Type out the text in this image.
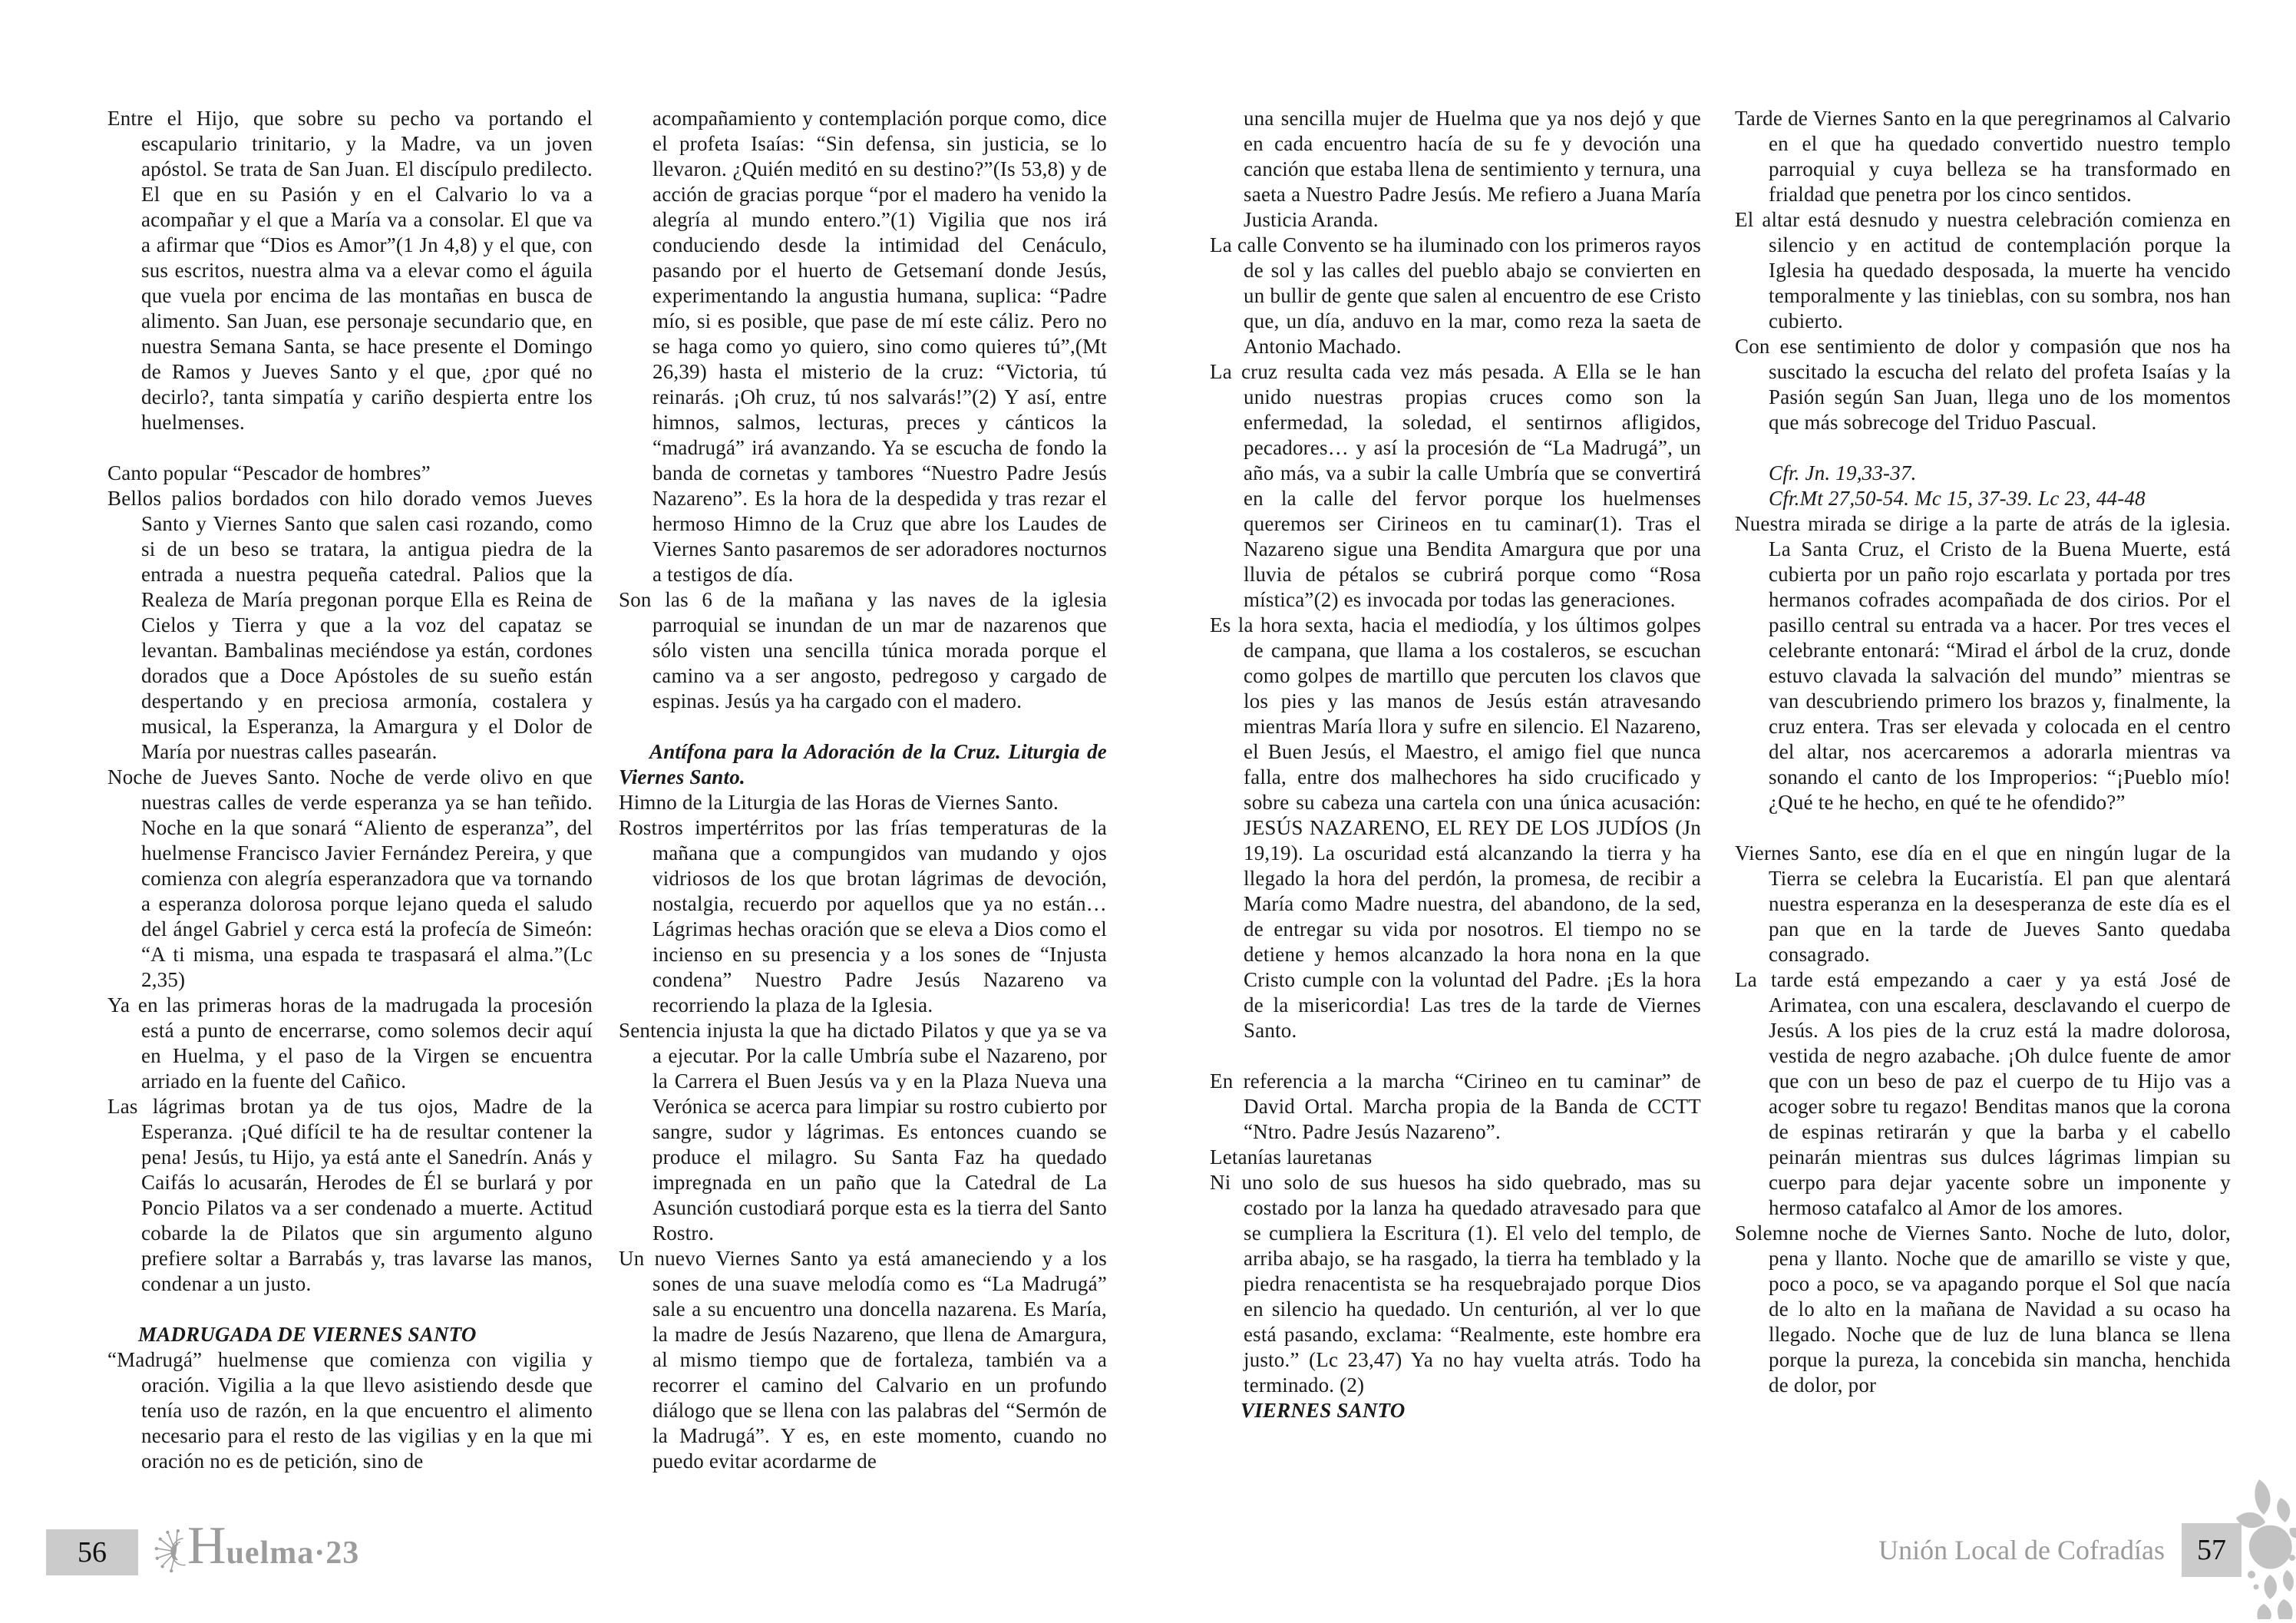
Entre el Hijo, que sobre su pecho va portando el escapulario trinitario, y la Madre, va un joven apóstol. Se trata de San Juan. El discípulo predilecto. El que en su Pasión y en el Calvario lo va a acompañar y el que a María va a consolar. El que va a afirmar que “Dios es Amor”(1 Jn 4,8) y el que, con sus escritos, nuestra alma va a elevar como el águila que vuela por encima de las montañas en busca de alimento. San Juan, ese personaje secundario que, en nuestra Semana Santa, se hace presente el Domingo de Ramos y Jueves Santo y el que, ¿por qué no decirlo?, tanta simpatía y cariño despierta entre los huelmenses.

Canto popular “Pescador de hombres”

Bellos palios bordados con hilo dorado vemos Jueves Santo y Viernes Santo que salen casi rozando, como si de un beso se tratara, la antigua piedra de la entrada a nuestra pequeña catedral. Palios que la Realeza de María pregonan porque Ella es Reina de Cielos y Tierra y que a la voz del capataz se levantan. Bambalinas meciéndose ya están, cordones dorados que a Doce Apóstoles de su sueño están despertando y en preciosa armonía, costalera y musical, la Esperanza, la Amargura y el Dolor de María por nuestras calles pasearán.

Noche de Jueves Santo. Noche de verde olivo en que nuestras calles de verde esperanza ya se han teñido. Noche en la que sonará “Aliento de esperanza”, del huelmense Francisco Javier Fernández Pereira, y que comienza con alegría esperanzadora que va tornando a esperanza dolorosa porque lejano queda el saludo del ángel Gabriel y cerca está la profecía de Simeón: “A ti misma, una espada te traspasará el alma.”(Lc 2,35)

Ya en las primeras horas de la madrugada la procesión está a punto de encerrarse, como solemos decir aquí en Huelma, y el paso de la Virgen se encuentra arriado en la fuente del Cañico.

Las lágrimas brotan ya de tus ojos, Madre de la Esperanza. ¡Qué difícil te ha de resultar contener la pena! Jesús, tu Hijo, ya está ante el Sanedrín. Anás y Caifás lo acusarán, Herodes de Él se burlará y por Poncio Pilatos va a ser condenado a muerte. Actitud cobarde la de Pilatos que sin argumento alguno prefiere soltar a Barrabás y, tras lavarse las manos, condenar a un justo.

MADRUGADA DE VIERNES SANTO

“Madrugá” huelmense que comienza con vigilia y oración. Vigilia a la que llevo asistiendo desde que tenía uso de razón, en la que encuentro el alimento necesario para el resto de las vigilias y en la que mi oración no es de petición, sino de

acompañamiento y contemplación porque como, dice el profeta Isaías: “Sin defensa, sin justicia, se lo llevaron. ¿Quién meditó en su destino?”(Is 53,8) y de acción de gracias porque “por el madero ha venido la alegría al mundo entero.”(1) Vigilia que nos irá conduciendo desde la intimidad del Cenáculo, pasando por el huerto de Getsemaní donde Jesús, experimentando la angustia humana, suplica: “Padre mío, si es posible, que pase de mí este cáliz. Pero no se haga como yo quiero, sino como quieres tú”,(Mt 26,39) hasta el misterio de la cruz: “Victoria, tú reinarás. ¡Oh cruz, tú nos salvarás!”(2) Y así, entre himnos, salmos, lecturas, preces y cánticos la “madrugá” irá avanzando. Ya se escucha de fondo la banda de cornetas y tambores “Nuestro Padre Jesús Nazareno”. Es la hora de la despedida y tras rezar el hermoso Himno de la Cruz que abre los Laudes de Viernes Santo pasaremos de ser adoradores nocturnos a testigos de día.

Son las 6 de la mañana y las naves de la iglesia parroquial se inundan de un mar de nazarenos que sólo visten una sencilla túnica morada porque el camino va a ser angosto, pedregoso y cargado de espinas. Jesús ya ha cargado con el madero.

Antífona para la Adoración de la Cruz. Liturgia de Viernes Santo.

Himno de la Liturgia de las Horas de Viernes Santo.

Rostros impertérritos por las frías temperaturas de la mañana que a compungidos van mudando y ojos vidriosos de los que brotan lágrimas de devoción, nostalgia, recuerdo por aquellos que ya no están… Lágrimas hechas oración que se eleva a Dios como el incienso en su presencia y a los sones de “Injusta condena” Nuestro Padre Jesús Nazareno va recorriendo la plaza de la Iglesia.

Sentencia injusta la que ha dictado Pilatos y que ya se va a ejecutar. Por la calle Umbría sube el Nazareno, por la Carrera el Buen Jesús va y en la Plaza Nueva una Verónica se acerca para limpiar su rostro cubierto por sangre, sudor y lágrimas. Es entonces cuando se produce el milagro. Su Santa Faz ha quedado impregnada en un paño que la Catedral de La Asunción custodiará porque esta es la tierra del Santo Rostro.

Un nuevo Viernes Santo ya está amaneciendo y a los sones de una suave melodía como es “La Madrugá” sale a su encuentro una doncella nazarena. Es María, la madre de Jesús Nazareno, que llena de Amargura, al mismo tiempo que de fortaleza, también va a recorrer el camino del Calvario en un profundo diálogo que se llena con las palabras del “Sermón de la Madrugá”. Y es, en este momento, cuando no puedo evitar acordarme de

56 H uelma·23

una sencilla mujer de Huelma que ya nos dejó y que en cada encuentro hacía de su fe y devoción una canción que estaba llena de sentimiento y ternura, una saeta a Nuestro Padre Jesús. Me refiero a Juana María Justicia Aranda.

La calle Convento se ha iluminado con los primeros rayos de sol y las calles del pueblo abajo se convierten en un bullir de gente que salen al encuentro de ese Cristo que, un día, anduvo en la mar, como reza la saeta de Antonio Machado.

La cruz resulta cada vez más pesada. A Ella se le han unido nuestras propias cruces como son la enfermedad, la soledad, el sentirnos afligidos, pecadores… y así la procesión de “La Madrugá”, un año más, va a subir la calle Umbría que se convertirá en la calle del fervor porque los huelmenses queremos ser Cirineos en tu caminar(1). Tras el Nazareno sigue una Bendita Amargura que por una lluvia de pétalos se cubrirá porque como “Rosa mística”(2) es invocada por todas las generaciones.

Es la hora sexta, hacia el mediodía, y los últimos golpes de campana, que llama a los costaleros, se escuchan como golpes de martillo que percuten los clavos que los pies y las manos de Jesús están atravesando mientras María llora y sufre en silencio. El Nazareno, el Buen Jesús, el Maestro, el amigo fiel que nunca falla, entre dos malhechores ha sido crucificado y sobre su cabeza una cartela con una única acusación: JESÚS NAZARENO, EL REY DE LOS JUDÍOS (Jn 19,19). La oscuridad está alcanzando la tierra y ha llegado la hora del perdón, la promesa, de recibir a María como Madre nuestra, del abandono, de la sed, de entregar su vida por nosotros. El tiempo no se detiene y hemos alcanzado la hora nona en la que Cristo cumple con la voluntad del Padre. ¡Es la hora de la misericordia! Las tres de la tarde de Viernes Santo.

En referencia a la marcha “Cirineo en tu caminar” de David Ortal. Marcha propia de la Banda de CCTT “Ntro. Padre Jesús Nazareno”.

Letanías lauretanas

Ni uno solo de sus huesos ha sido quebrado, mas su costado por la lanza ha quedado atravesado para que se cumpliera la Escritura (1). El velo del templo, de arriba abajo, se ha rasgado, la tierra ha temblado y la piedra renacentista se ha resquebrajado porque Dios en silencio ha quedado. Un centurión, al ver lo que está pasando, exclama: “Realmente, este hombre era justo.” (Lc 23,47) Ya no hay vuelta atrás. Todo ha terminado. (2)

VIERNES SANTO

Tarde de Viernes Santo en la que peregrinamos al Calvario en el que ha quedado convertido nuestro templo parroquial y cuya belleza se ha transformado en frialdad que penetra por los cinco sentidos.

El altar está desnudo y nuestra celebración comienza en silencio y en actitud de contemplación porque la Iglesia ha quedado desposada, la muerte ha vencido temporalmente y las tinieblas, con su sombra, nos han cubierto.

Con ese sentimiento de dolor y compasión que nos ha suscitado la escucha del relato del profeta Isaías y la Pasión según San Juan, llega uno de los momentos que más sobrecoge del Triduo Pascual.

Cfr. Jn. 19,33-37.

Cfr.Mt 27,50-54. Mc 15, 37-39. Lc 23, 44-48

Nuestra mirada se dirige a la parte de atrás de la iglesia. La Santa Cruz, el Cristo de la Buena Muerte, está cubierta por un paño rojo escarlata y portada por tres hermanos cofrades acompañada de dos cirios. Por el pasillo central su entrada va a hacer. Por tres veces el celebrante entonará: “Mirad el árbol de la cruz, donde estuvo clavada la salvación del mundo” mientras se van descubriendo primero los brazos y, finalmente, la cruz entera. Tras ser elevada y colocada en el centro del altar, nos acercaremos a adorarla mientras va sonando el canto de los Improperios: “¡Pueblo mío! ¿Qué te he hecho, en qué te he ofendido?”

Viernes Santo, ese día en el que en ningún lugar de la Tierra se celebra la Eucaristía. El pan que alentará nuestra esperanza en la desesperanza de este día es el pan que en la tarde de Jueves Santo quedaba consagrado.

La tarde está empezando a caer y ya está José de Arimatea, con una escalera, desclavando el cuerpo de Jesús. A los pies de la cruz está la madre dolorosa, vestida de negro azabache. ¡Oh dulce fuente de amor que con un beso de paz el cuerpo de tu Hijo vas a acoger sobre tu regazo! Benditas manos que la corona de espinas retirarán y que la barba y el cabello peinarán mientras sus dulces lágrimas limpian su cuerpo para dejar yacente sobre un imponente y hermoso catafalco al Amor de los amores.

Solemne noche de Viernes Santo. Noche de luto, dolor, pena y llanto. Noche que de amarillo se viste y que, poco a poco, se va apagando porque el Sol que nacía de lo alto en la mañana de Navidad a su ocaso ha llegado. Noche que de luz de luna blanca se llena porque la pureza, la concebida sin mancha, henchida de dolor, por

Unión Local de Cofradías 57
